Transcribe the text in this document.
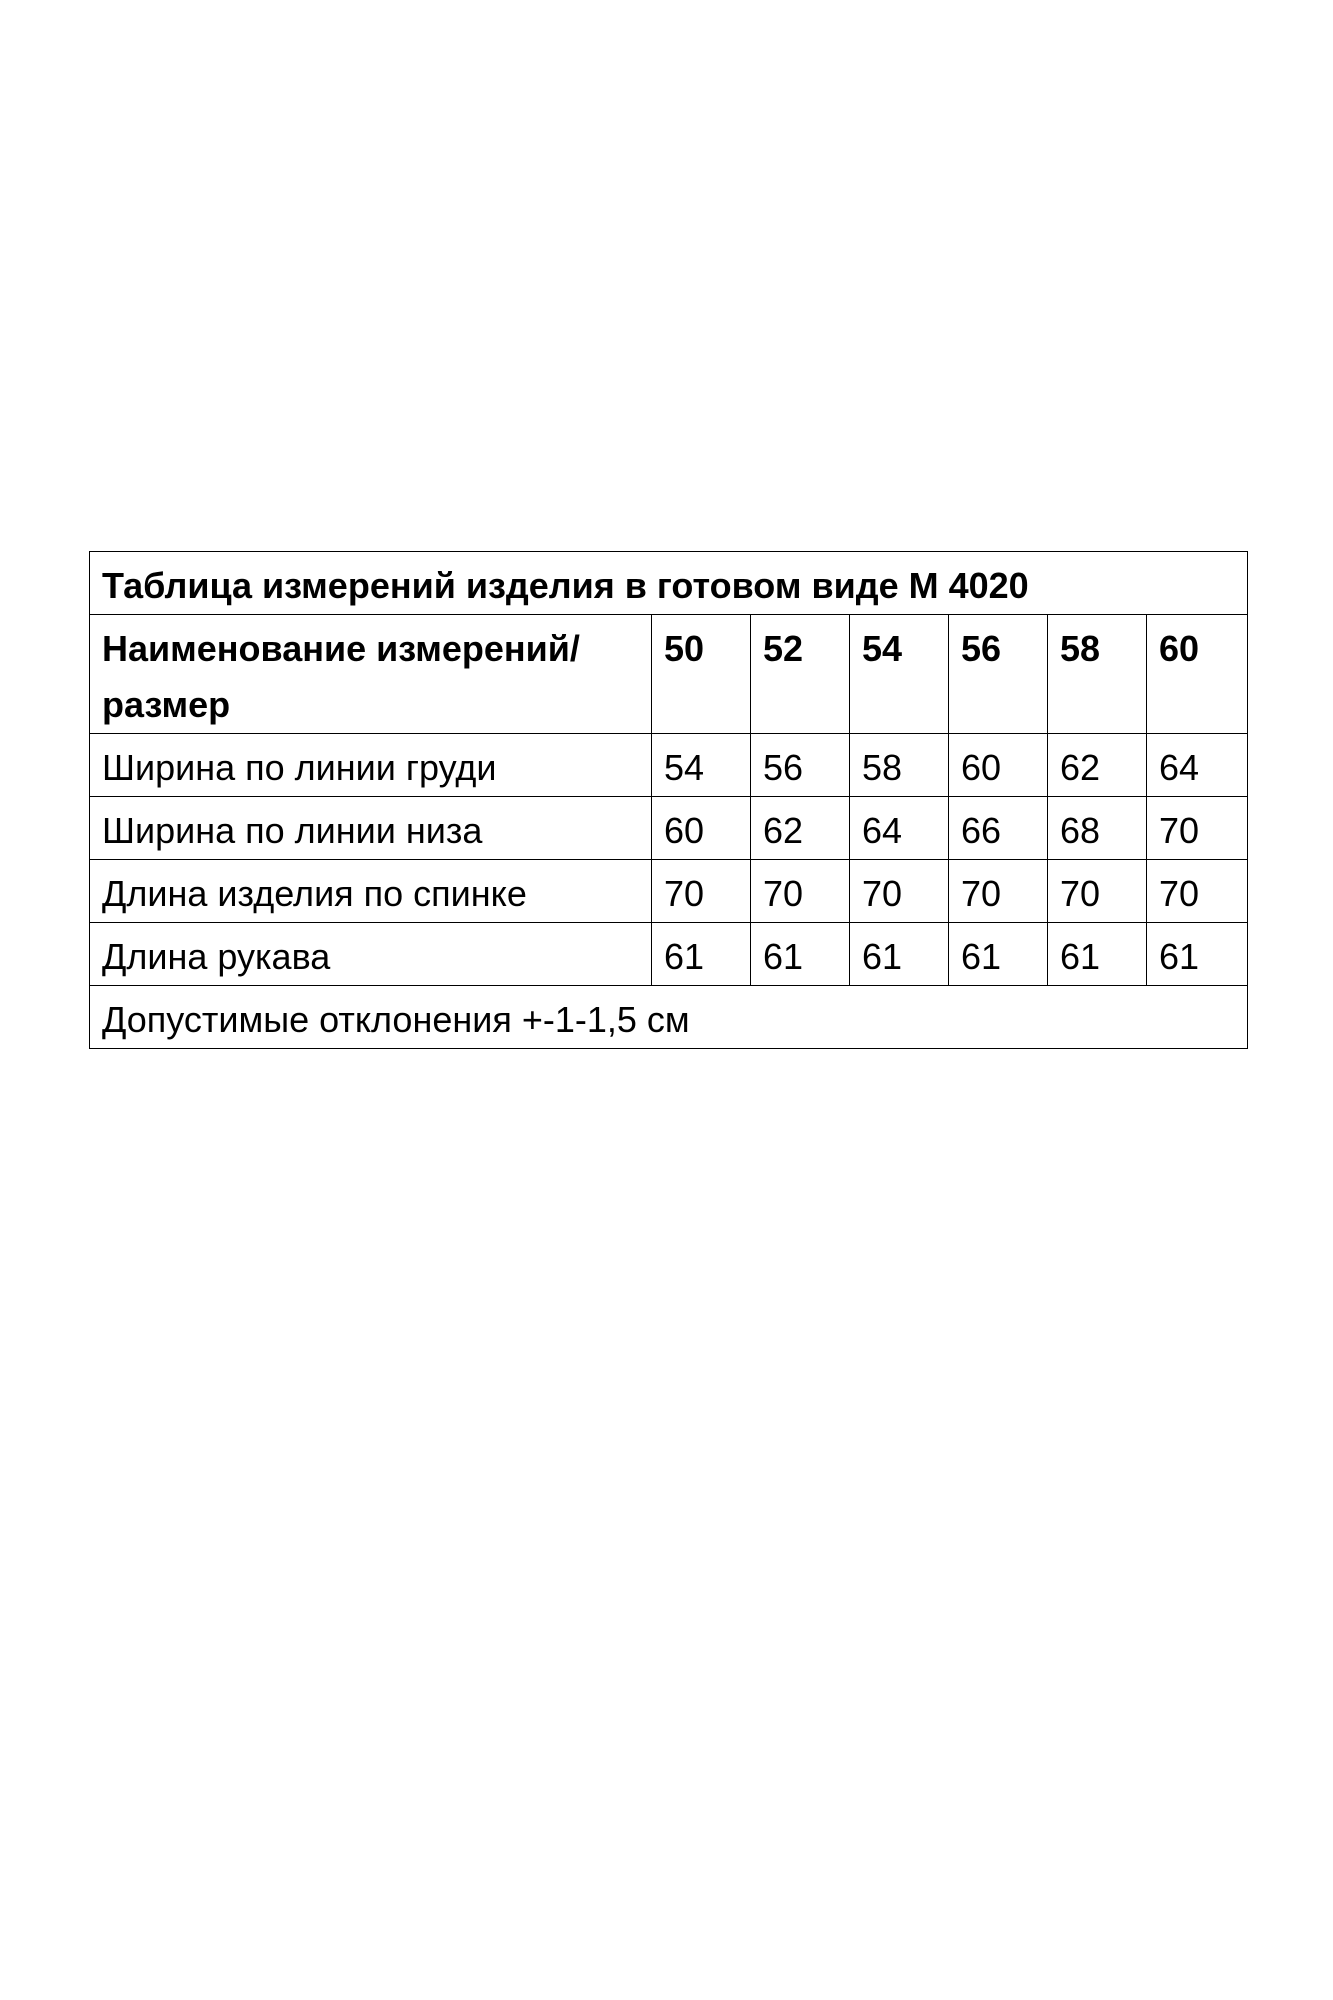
Таблица измерений изделия в готовом виде М 4020						
Наименование измерений/размер	50	52	54	56	58	60
Ширина по линии груди	54	56	58	60	62	64
Ширина по линии низа	60	62	64	66	68	70
Длина изделия по спинке	70	70	70	70	70	70
Длина рукава	61	61	61	61	61	61
Допустимые отклонения +-1-1,5 см						
